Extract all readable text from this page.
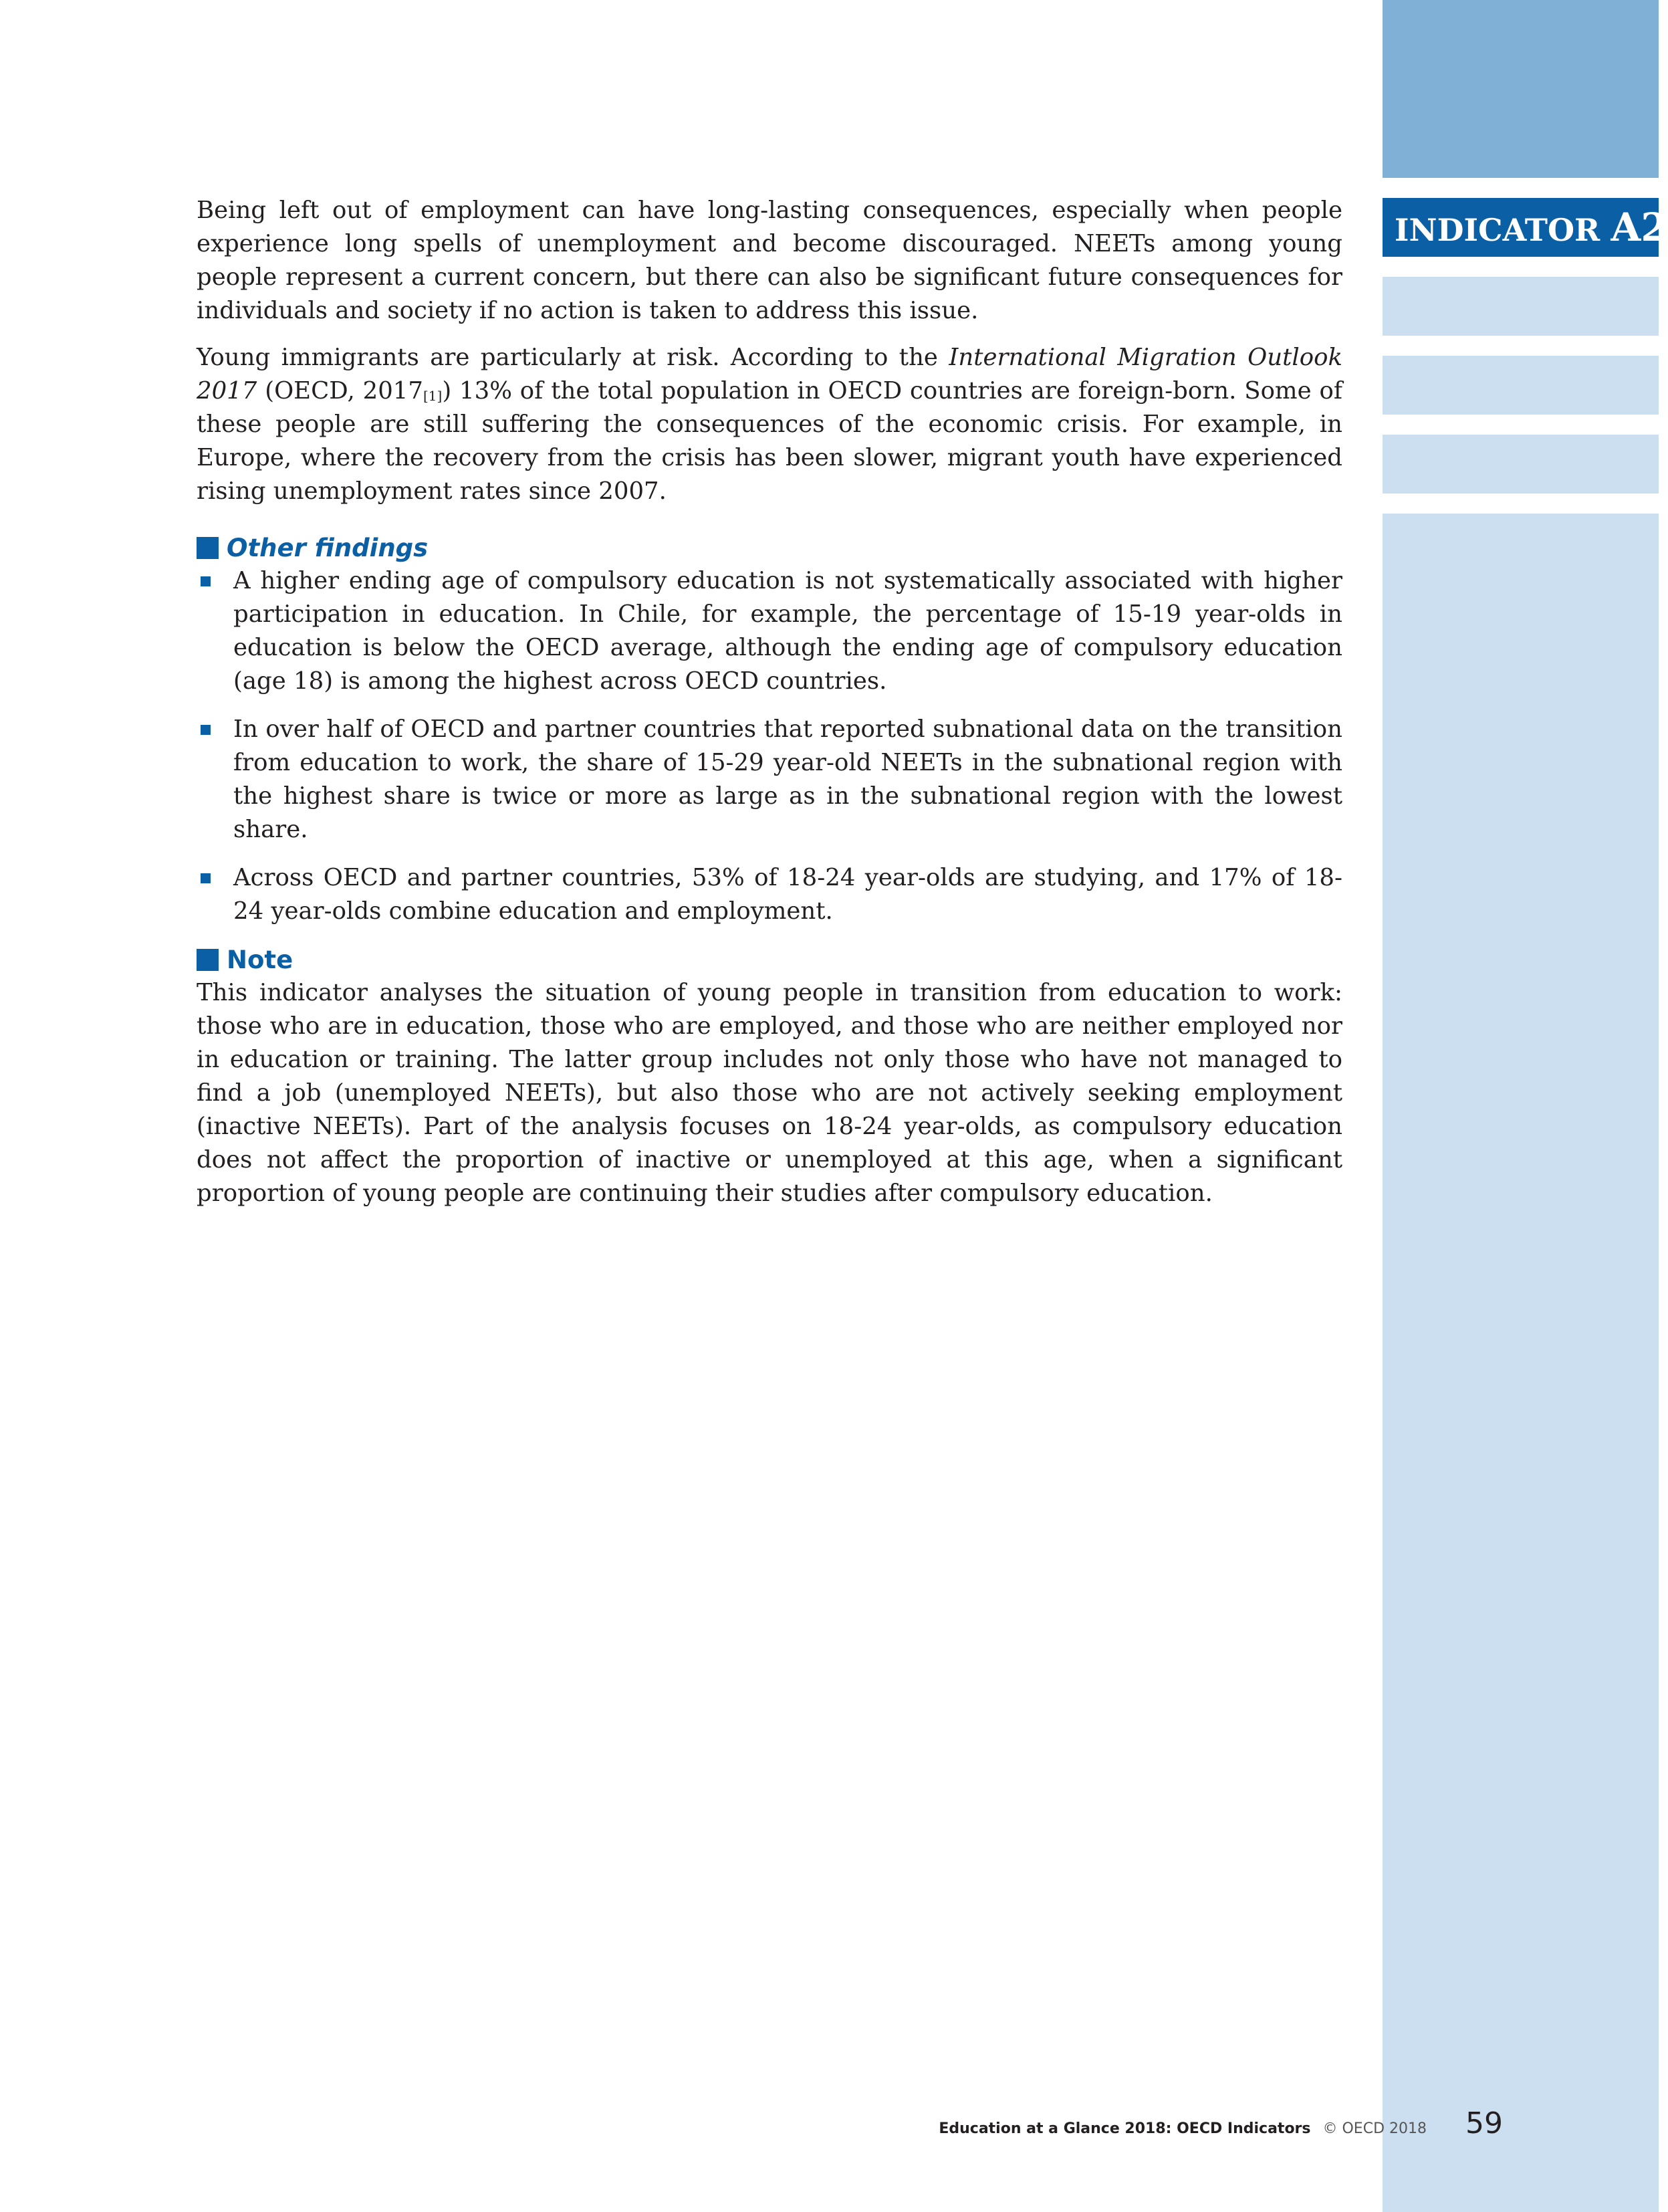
INDICATOR A2

Being left out of employment can have long-lasting consequences, especially when people experience long spells of unemployment and become discouraged. NEETs among young people represent a current concern, but there can also be significant future consequences for individuals and society if no action is taken to address this issue.

Young immigrants are particularly at risk. According to the International Migration Outlook 2017 (OECD, $2017_{[1]}$) 13% of the total population in OECD countries are foreign-born. Some of these people are still suffering the consequences of the economic crisis. For example, in Europe, where the recovery from the crisis has been slower, migrant youth have experienced rising unemployment rates since 2007.

Other findings
A higher ending age of compulsory education is not systematically associated with higher participation in education. In Chile, for example, the percentage of 15-19 year-olds in education is below the OECD average, although the ending age of compulsory education (age 18) is among the highest across OECD countries.
In over half of OECD and partner countries that reported subnational data on the transition from education to work, the share of 15-29 year-old NEETs in the subnational region with the highest share is twice or more as large as in the subnational region with the lowest share.
Across OECD and partner countries, 53% of 18-24 year-olds are studying, and 17% of 18-24 year-olds combine education and employment.
Note

This indicator analyses the situation of young people in transition from education to work: those who are in education, those who are employed, and those who are neither employed nor in education or training. The latter group includes not only those who have not managed to find a job (unemployed NEETs), but also those who are not actively seeking employment (inactive NEETs). Part of the analysis focuses on 18-24 year-olds, as compulsory education does not affect the proportion of inactive or unemployed at this age, when a significant proportion of young people are continuing their studies after compulsory education.

Education at a Glance 2018: OECD Indicators © OECD 2018 59
